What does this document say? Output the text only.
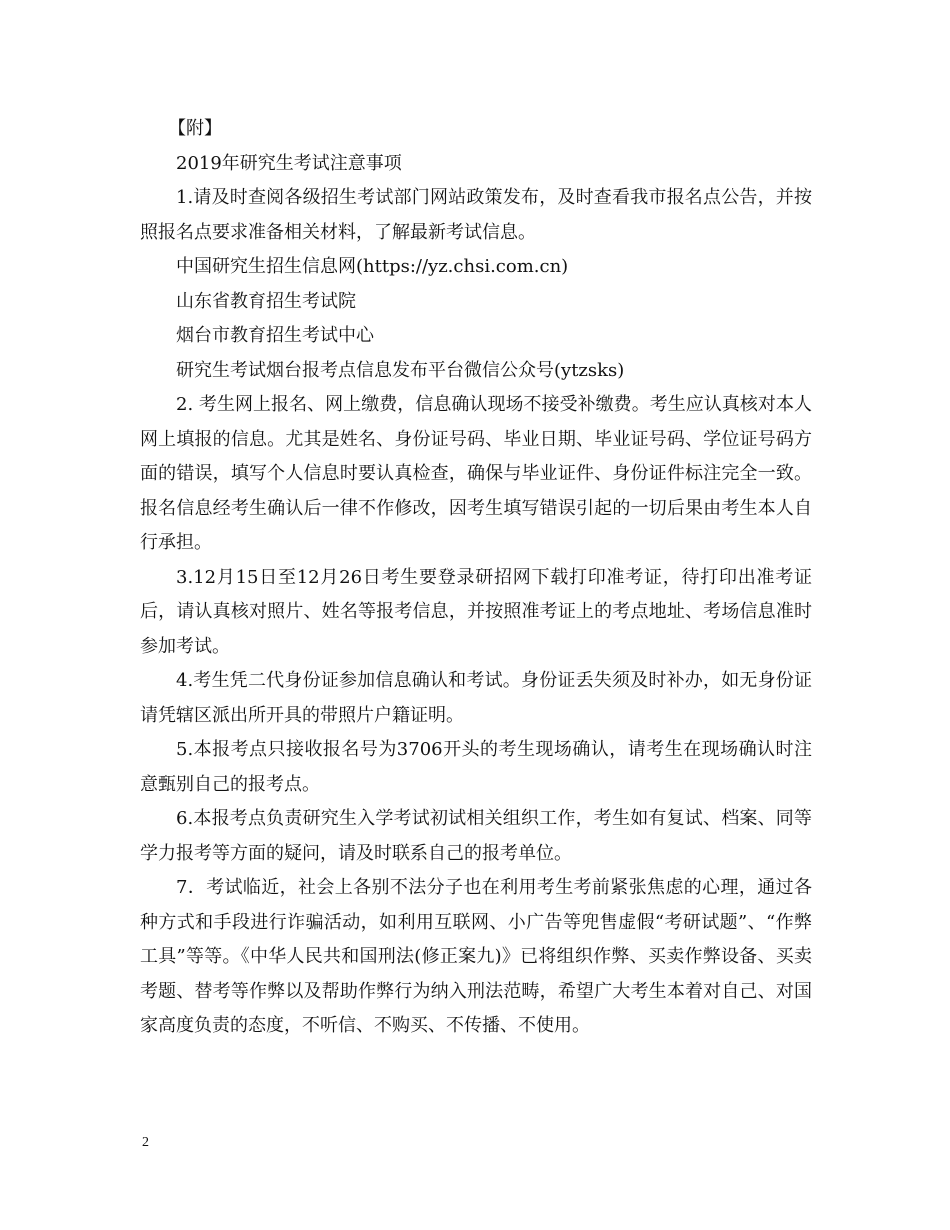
【附】

2019年研究生考试注意事项

1.请及时查阅各级招生考试部门网站政策发布，及时查看我市报名点公告，并按照报名点要求准备相关材料，了解最新考试信息。

中国研究生招生信息网(https://yz.chsi.com.cn)

山东省教育招生考试院

烟台市教育招生考试中心

研究生考试烟台报考点信息发布平台微信公众号(ytzsks)

2. 考生网上报名、网上缴费，信息确认现场不接受补缴费。考生应认真核对本人网上填报的信息。尤其是姓名、身份证号码、毕业日期、毕业证号码、学位证号码方面的错误，填写个人信息时要认真检查，确保与毕业证件、身份证件标注完全一致。报名信息经考生确认后一律不作修改，因考生填写错误引起的一切后果由考生本人自行承担。

3.12月15日至12月26日考生要登录研招网下载打印准考证，待打印出准考证后，请认真核对照片、姓名等报考信息，并按照准考证上的考点地址、考场信息准时参加考试。

4.考生凭二代身份证参加信息确认和考试。身份证丢失须及时补办，如无身份证请凭辖区派出所开具的带照片户籍证明。

5.本报考点只接收报名号为3706开头的考生现场确认，请考生在现场确认时注意甄别自己的报考点。

6.本报考点负责研究生入学考试初试相关组织工作，考生如有复试、档案、同等学力报考等方面的疑问，请及时联系自己的报考单位。

7．考试临近，社会上各别不法分子也在利用考生考前紧张焦虑的心理，通过各种方式和手段进行诈骗活动，如利用互联网、小广告等兜售虚假“考研试题”、“作弊工具”等等。《中华人民共和国刑法(修正案九)》已将组织作弊、买卖作弊设备、买卖考题、替考等作弊以及帮助作弊行为纳入刑法范畴，希望广大考生本着对自己、对国家高度负责的态度，不听信、不购买、不传播、不使用。

2
